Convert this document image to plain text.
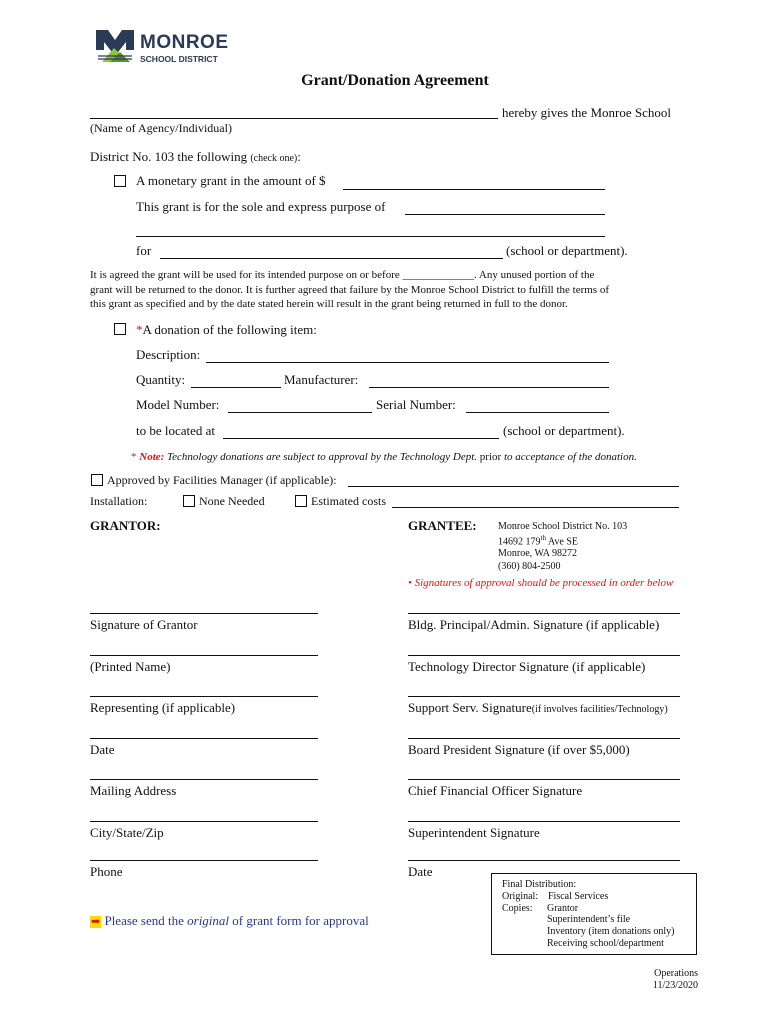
MONROE
SCHOOL DISTRICT
Grant/Donation Agreement
hereby gives the Monroe School
(Name of Agency/Individual)
District No. 103 the following (check one):
A monetary grant in the amount of $
This grant is for the sole and express purpose of
for	(school or department).
It is agreed the grant will be used for its intended purpose on or before _____________. Any unused portion of the
grant will be returned to the donor. It is further agreed that failure by the Monroe School District to fulfill the terms of
this grant as specified and by the date stated herein will result in the grant being returned in full to the donor.
*A donation of the following item:
Description:
Quantity:	Manufacturer:
Model Number:	Serial Number:
to be located at	(school or department).
* Note: Technology donations are subject to approval by the Technology Dept. prior to acceptance of the donation.
Approved by Facilities Manager (if applicable):
Installation:	None Needed	Estimated costs
GRANTOR:
Signature of Grantor
(Printed Name)
Representing (if applicable)
Date
Mailing Address
City/State/Zip
Phone
GRANTEE: Monroe School District No. 103
14692 179th Ave SE
Monroe, WA 98272
(360) 804-2500
• Signatures of approval should be processed in order below
Bldg. Principal/Admin. Signature (if applicable)
Technology Director Signature (if applicable)
Support Serv. Signature(if involves facilities/Technology)
Board President Signature (if over $5,000)
Chief Financial Officer Signature
Superintendent Signature
Date
➡ Please send the original of grant form for approval
Final Distribution:
Original: Fiscal Services
Copies: Grantor
Superintendent’s file
Inventory (item donations only)
Receiving school/department
Operations
11/23/2020
